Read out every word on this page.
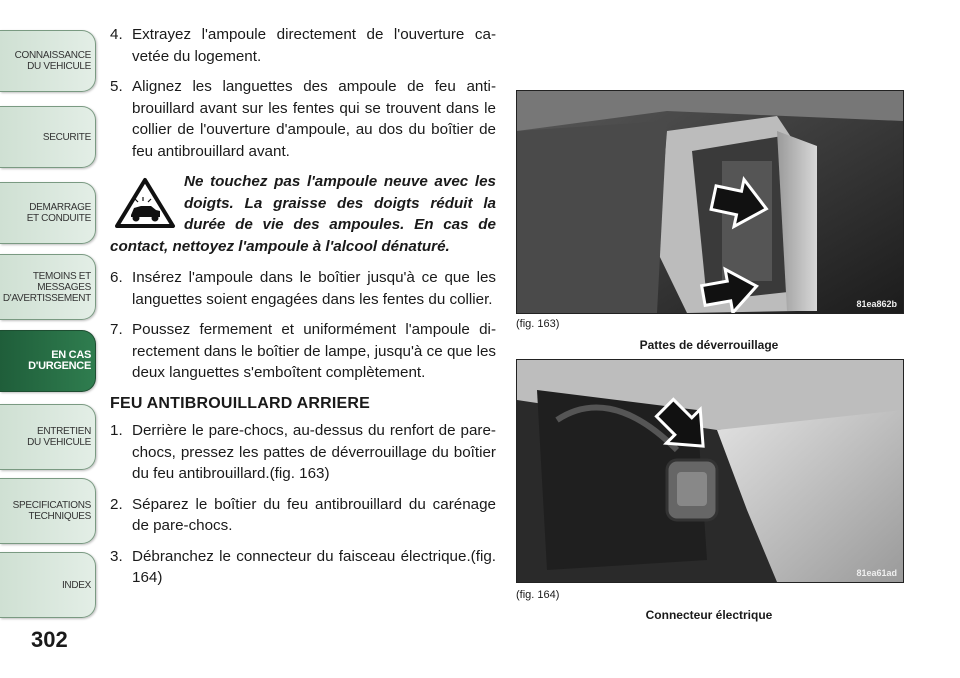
CONNAISSANCE
DU VEHICULE
SECURITE
DEMARRAGE
ET CONDUITE
TEMOINS ET
MESSAGES
D'AVERTISSEMENT
EN CAS
D'URGENCE
ENTRETIEN
DU VEHICULE
SPECIFICATIONS
TECHNIQUES
INDEX
302
4. Extrayez l'ampoule directement de l'ouverture cavetée du logement.
5. Alignez les languettes des ampoule de feu antibrouillard avant sur les fentes qui se trouvent dans le collier de l'ouverture d'ampoule, au dos du boîtier de feu antibrouillard avant.
Ne touchez pas l'ampoule neuve avec les doigts. La graisse des doigts réduit la durée de vie des ampoules. En cas de contact, nettoyez l'ampoule à l'alcool dénaturé.
6. Insérez l'ampoule dans le boîtier jusqu'à ce que les languettes soient engagées dans les fentes du collier.
7. Poussez fermement et uniformément l'ampoule directement dans le boîtier de lampe, jusqu'à ce que les deux languettes s'emboîtent complètement.
FEU ANTIBROUILLARD ARRIERE
1. Derrière le pare-chocs, au-dessus du renfort de pare-chocs, pressez les pattes de déverrouillage du boîtier du feu antibrouillard.(fig. 163)
2. Séparez le boîtier du feu antibrouillard du carénage de pare-chocs.
3. Débranchez le connecteur du faisceau électrique.(fig. 164)
81ea862b
(fig. 163)
Pattes de déverrouillage
81ea61ad
(fig. 164)
Connecteur électrique
